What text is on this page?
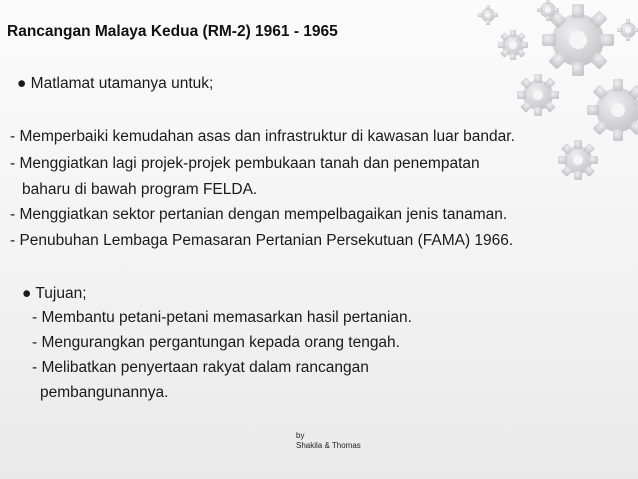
Rancangan Malaya Kedua (RM-2) 1961 - 1965
● Matlamat utamanya untuk;
- Memperbaiki kemudahan asas dan infrastruktur di kawasan luar bandar.
- Menggiatkan lagi projek-projek pembukaan tanah dan penempatan
baharu di bawah program FELDA.
- Menggiatkan sektor pertanian dengan mempelbagaikan jenis tanaman.
- Penubuhan Lembaga Pemasaran Pertanian Persekutuan (FAMA) 1966.
● Tujuan;
- Membantu petani-petani memasarkan hasil pertanian.
- Mengurangkan pergantungan kepada orang tengah.
- Melibatkan penyertaan rakyat dalam rancangan
pembangunannya.
by
Shakila & Thomas
